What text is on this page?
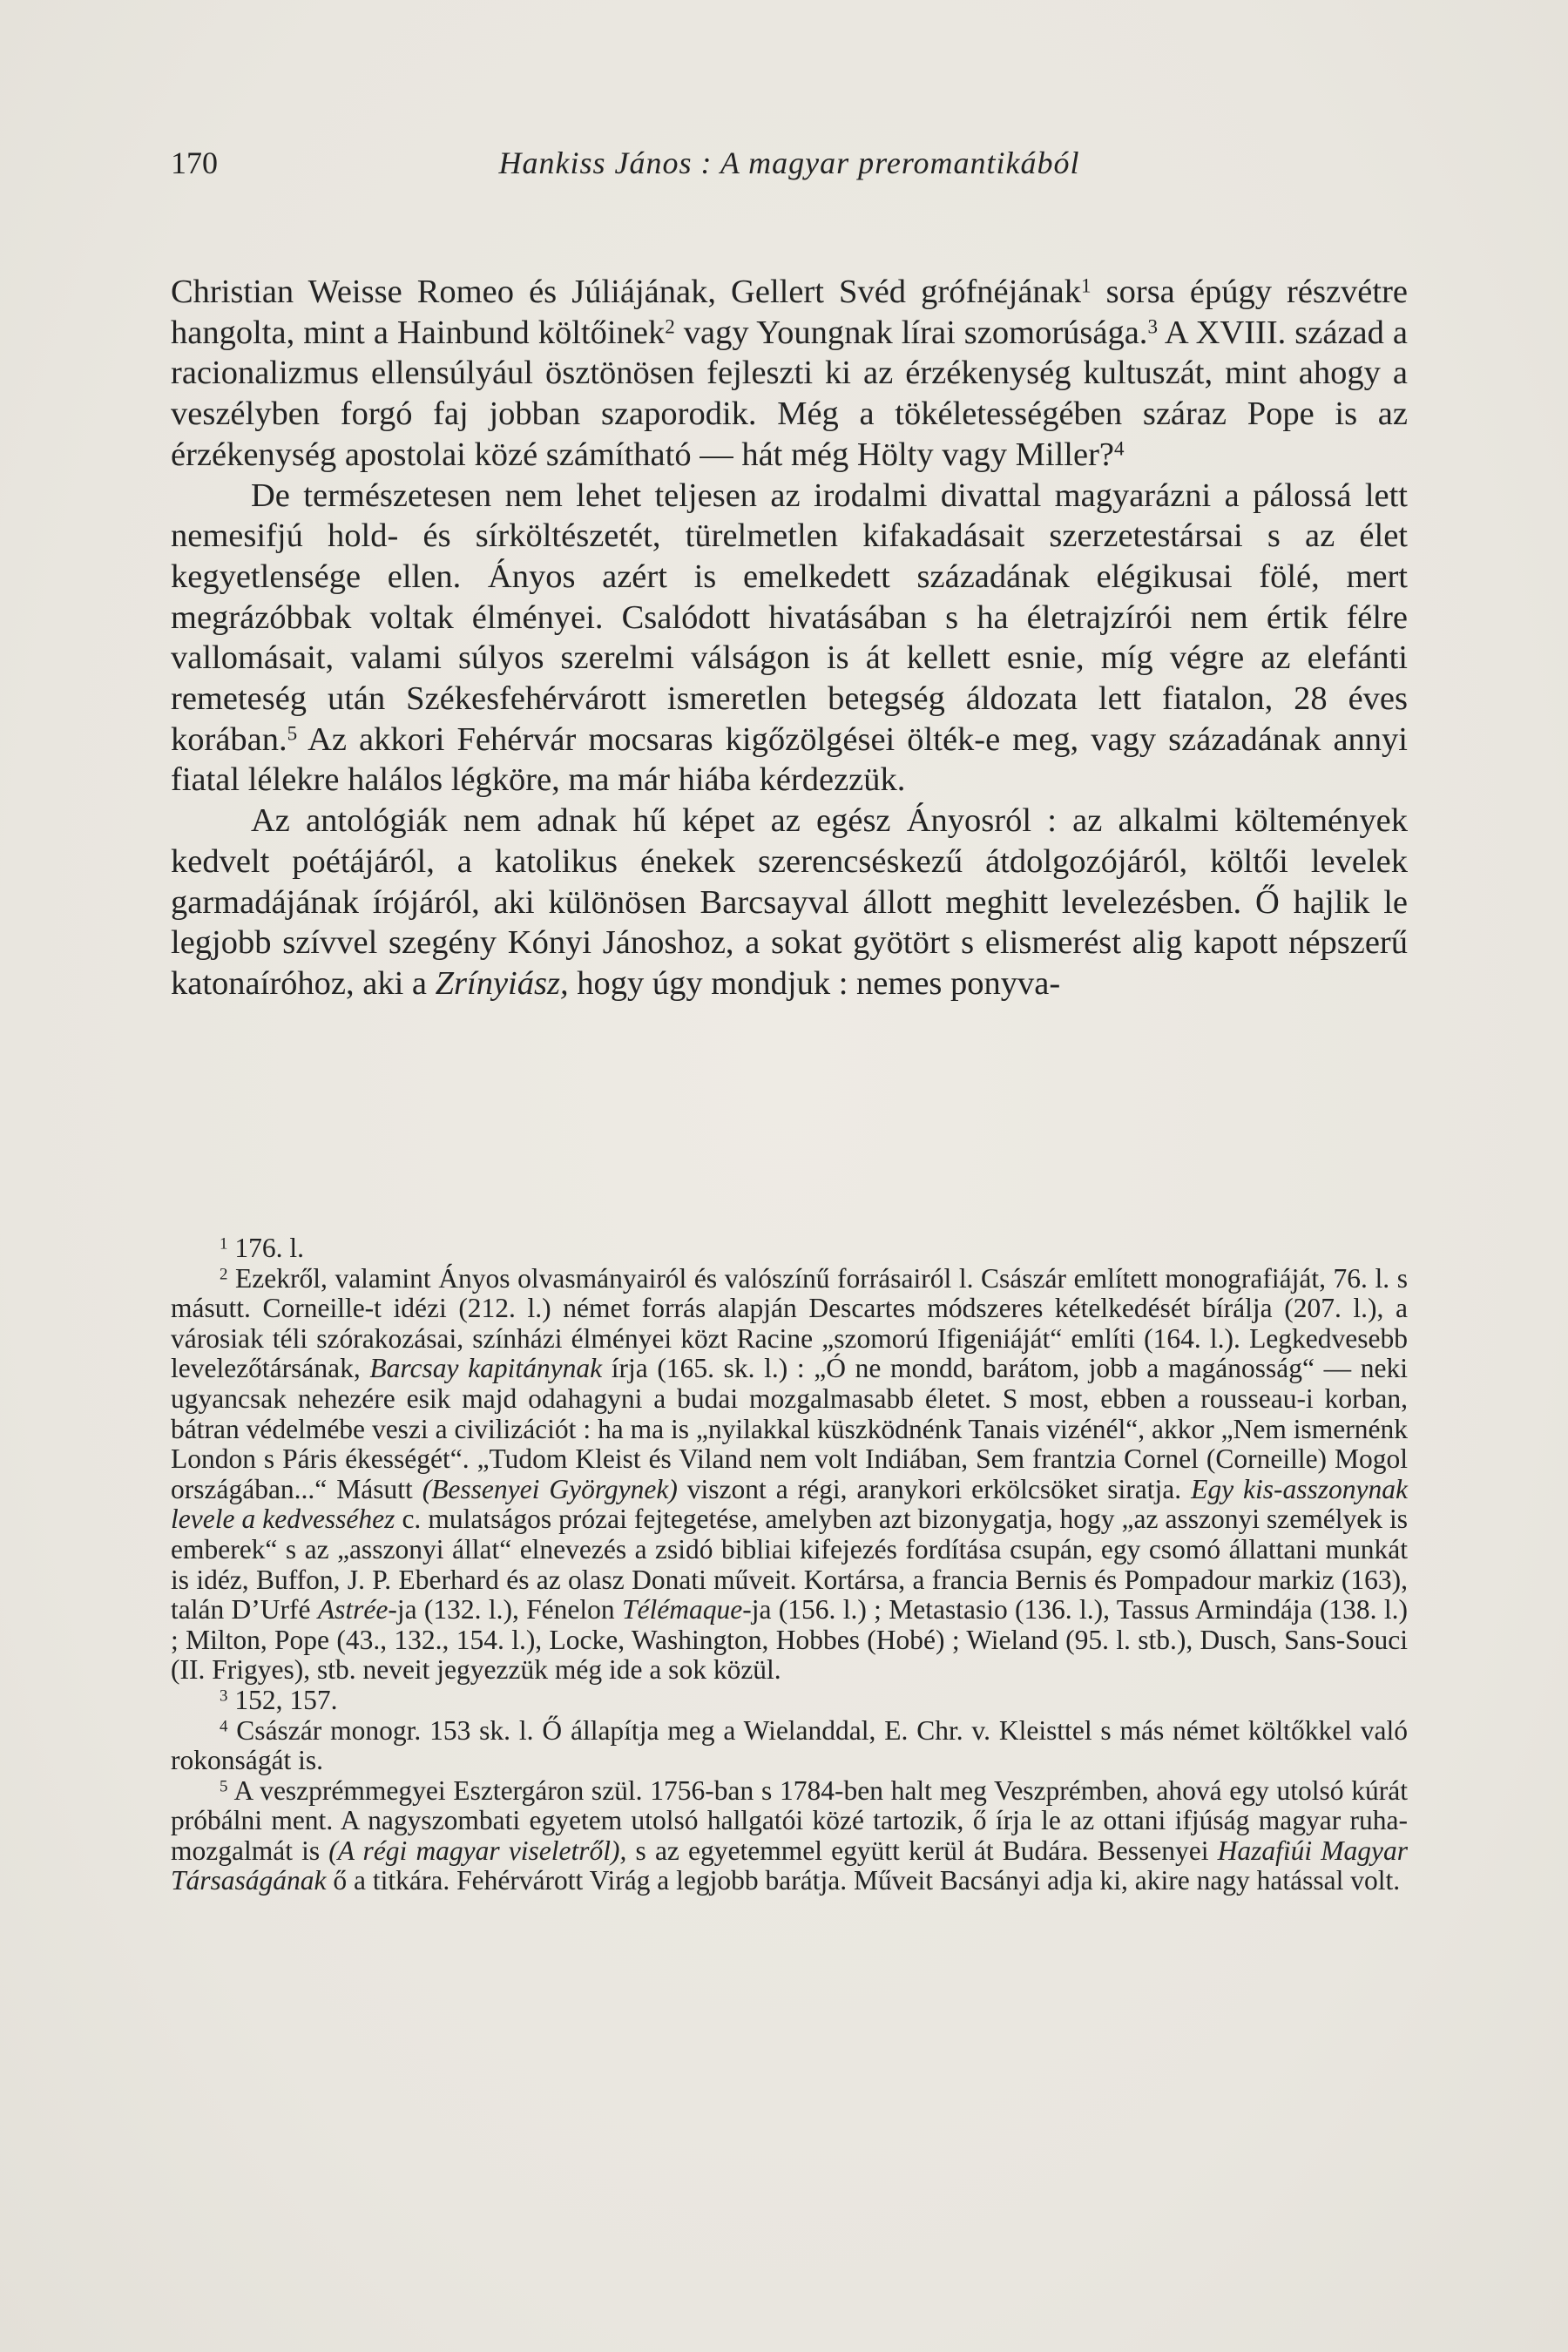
170	Hankiss János : A magyar preromantikából

Christian Weisse Romeo és Júliájának, Gellert Svéd grófnéjának$^1$ sorsa épúgy részvétre hangolta, mint a Hainbund költőinek$^2$ vagy Youngnak lírai szomorúsága.$^3$ A XVIII. század a racionalizmus ellensúlyául ösztönösen fejleszti ki az érzékenység kultuszát, mint ahogy a veszélyben forgó faj jobban szaporodik. Még a tökéletességében száraz Pope is az érzékenység apostolai közé számítható — hát még Hölty vagy Miller?$^4$

De természetesen nem lehet teljesen az irodalmi divattal magyarázni a pálossá lett nemesifjú hold- és sírköltészetét, türelmetlen kifakadásait szerzetestársai s az élet kegyetlensége ellen. Ányos azért is emelkedett századának elégikusai fölé, mert megrázóbbak voltak élményei. Csalódott hivatásában s ha életrajzírói nem értik félre vallomásait, valami súlyos szerelmi válságon is át kellett esnie, míg végre az elefánti remeteség után Székesfehérvárott ismeretlen betegség áldozata lett fiatalon, 28 éves korában.$^5$ Az akkori Fehérvár mocsaras kigőzölgései ölték-e meg, vagy századának annyi fiatal lélekre halálos légköre, ma már hiába kérdezzük.

Az antológiák nem adnak hű képet az egész Ányosról : az alkalmi költemények kedvelt poétájáról, a katolikus énekek szerencséskezű átdolgozójáról, költői levelek garmadájának írójáról, aki különösen Barcsayval állott meghitt levelezésben. Ő hajlik le legjobb szívvel szegény Kónyi Jánoshoz, a sokat gyötört s elismerést alig kapott népszerű katonaíróhoz, aki a Zrínyiász, hogy úgy mondjuk : nemes ponyva-

$^1$ 176. l.

$^2$ Ezekről, valamint Ányos olvasmányairól és valószínű forrásairól l. Császár említett monografiáját, 76. l. s másutt. Corneille-t idézi (212. l.) német forrás alapján Descartes módszeres kételkedését bírálja (207. l.), a városiak téli szórakozásai, színházi élményei közt Racine „szomorú Ifigeniáját“ említi (164. l.). Legkedvesebb levelezőtársának, Barcsay kapitánynak írja (165. sk. l.) : „Ó ne mondd, barátom, jobb a magánosság“ — neki ugyancsak nehezére esik majd odahagyni a budai mozgalmasabb életet. S most, ebben a rousseau-i korban, bátran védelmébe veszi a civilizációt : ha ma is „nyilakkal küszködnénk Tanais vizénél“, akkor „Nem ismernénk London s Páris ékességét“. „Tudom Kleist és Viland nem volt Indiában, Sem frantzia Cornel (Corneille) Mogol országában...“ Másutt (Bessenyei Györgynek) viszont a régi, aranykori erkölcsöket siratja. Egy kis-asszonynak levele a kedvesséhez c. mulatságos prózai fejtegetése, amelyben azt bizonygatja, hogy „az asszonyi személyek is emberek“ s az „asszonyi állat“ elnevezés a zsidó bibliai kifejezés fordítása csupán, egy csomó állattani munkát is idéz, Buffon, J. P. Eberhard és az olasz Donati műveit. Kortársa, a francia Bernis és Pompadour markiz (163), talán D’Urfé Astrée-ja (132. l.), Fénelon Télémaque-ja (156. l.) ; Metastasio (136. l.), Tassus Armindája (138. l.) ; Milton, Pope (43., 132., 154. l.), Locke, Washington, Hobbes (Hobé) ; Wieland (95. l. stb.), Dusch, Sans-Souci (II. Frigyes), stb. neveit jegyezzük még ide a sok közül.

$^3$ 152, 157.

$^4$ Császár monogr. 153 sk. l. Ő állapítja meg a Wielanddal, E. Chr. v. Kleisttel s más német költőkkel való rokonságát is.

$^5$ A veszprémmegyei Esztergáron szül. 1756-ban s 1784-ben halt meg Veszprémben, ahová egy utolsó kúrát próbálni ment. A nagyszombati egyetem utolsó hallgatói közé tartozik, ő írja le az ottani ifjúság magyar ruha-mozgalmát is (A régi magyar viseletről), s az egyetemmel együtt kerül át Budára. Bessenyei Hazafiúi Magyar Társaságának ő a titkára. Fehérvárott Virág a legjobb barátja. Műveit Bacsányi adja ki, akire nagy hatással volt.
